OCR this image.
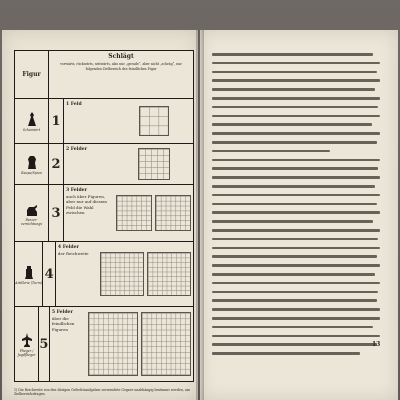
Figur
Schlägt
vorwärts, rückwärts, seitwärts, also nur „gerade“, aber nicht „schräg“, nur folgenden Zielbereich des feindlichen Figur
Scharniert
1
1 Feld
Raupe/Spion
2
2 Felder
Panzer-vernichtungs
3
3 Felder
auch über Figuren, aber nur auf diesem Feld die Wahl zwischen
Artillerie (Turm)
4
4 Felder
der Reichweite
Flieger / Jagdflieger
5
5 Felder
über die feindlichen Figuren
1) Die Reichweite von den übrigen Gefechtsaufgaben verwendete Gegner unabhängig bestimmt werden, um Zielbereichsfragen.
13
